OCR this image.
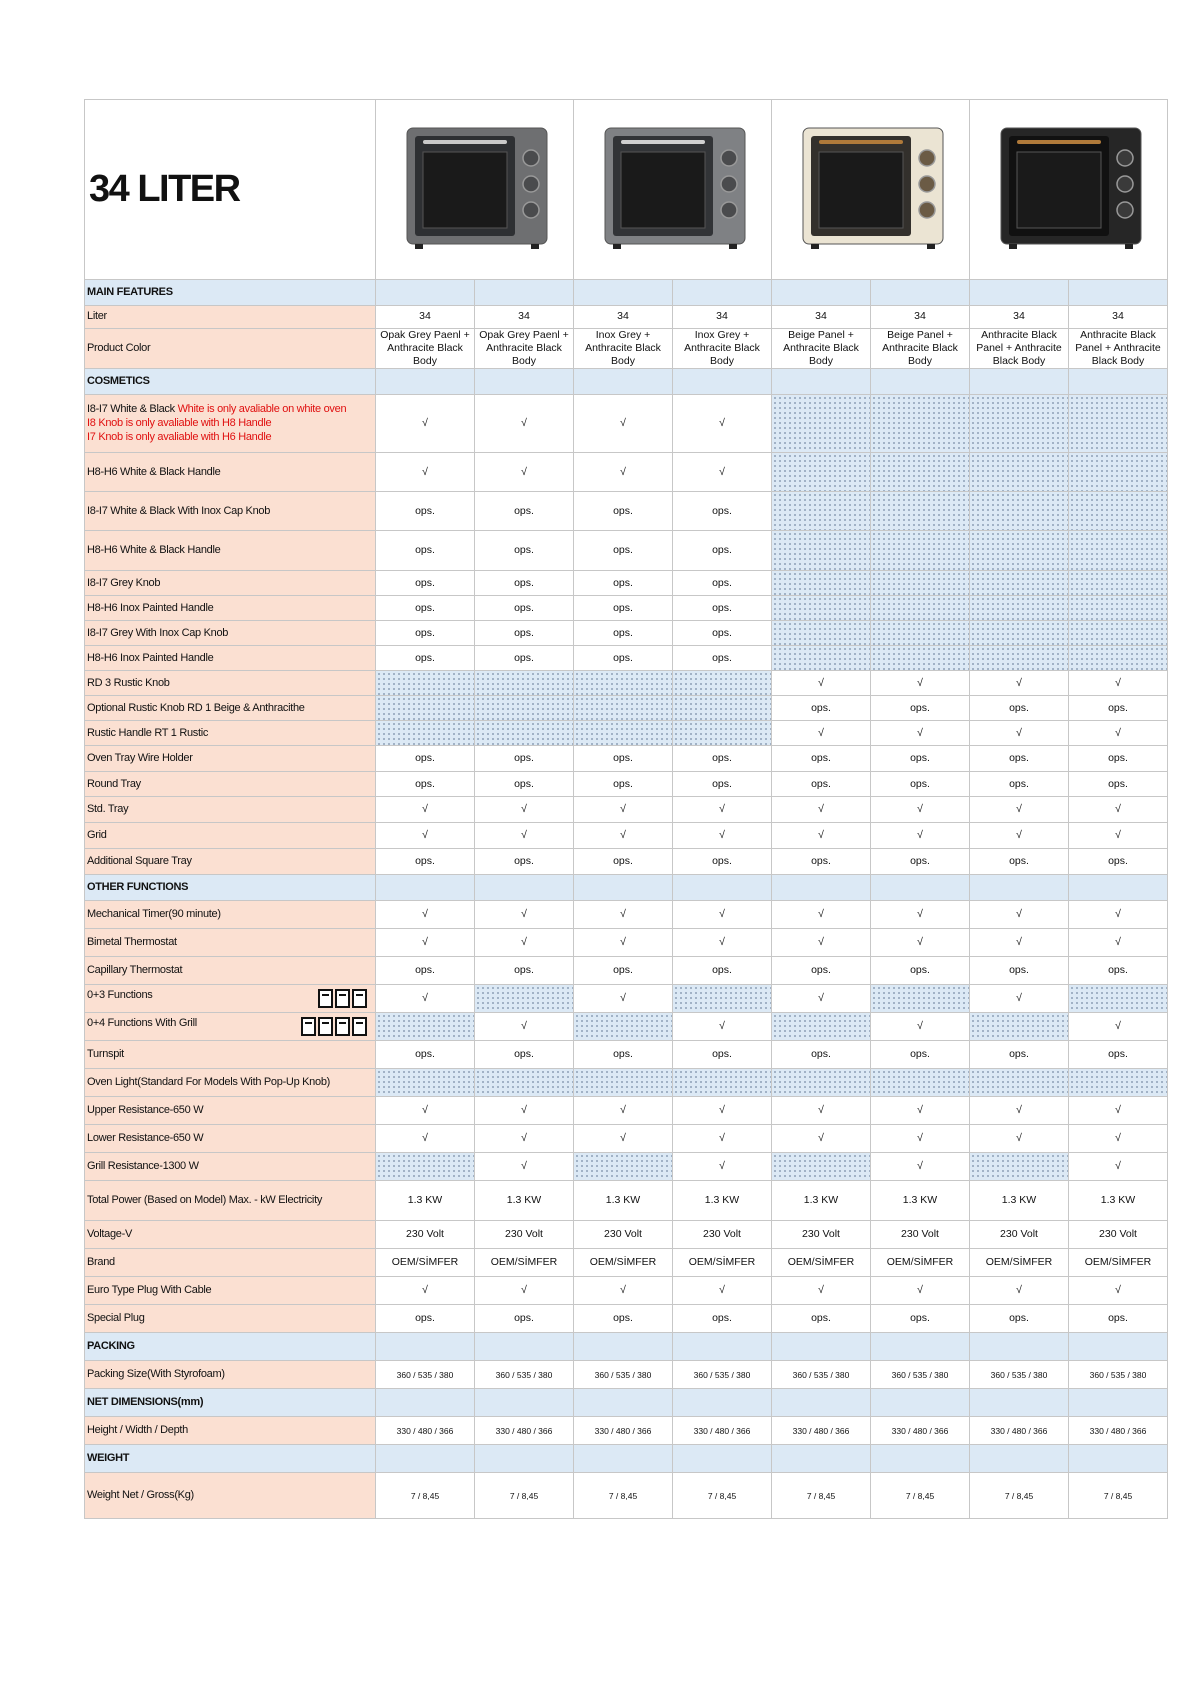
34 LITER				
MAIN FEATURES								
Liter	34	34	34	34	34	34	34	34
Product Color	Opak Grey Paenl + Anthracite Black Body	Opak Grey Paenl + Anthracite Black Body	Inox Grey + Anthracite Black Body	Inox Grey + Anthracite Black Body	Beige Panel + Anthracite Black Body	Beige Panel + Anthracite Black Body	Anthracite Black Panel + Anthracite Black Body	Anthracite Black Panel + Anthracite Black Body
COSMETICS								

I8-I7 White & Black White is only avaliable on white oven
I8 Knob is only avaliable with H8 Handle
I7 Knob is only avaliable with H6 Handle	√	√	√	√				
H8-H6 White & Black Handle	√	√	√	√				
I8-I7 White & Black With Inox Cap Knob	ops.	ops.	ops.	ops.				
H8-H6 White & Black Handle	ops.	ops.	ops.	ops.				
I8-I7 Grey Knob	ops.	ops.	ops.	ops.				
H8-H6 Inox Painted Handle	ops.	ops.	ops.	ops.				
I8-I7 Grey With Inox Cap Knob	ops.	ops.	ops.	ops.				
H8-H6 Inox Painted Handle	ops.	ops.	ops.	ops.				
RD 3 Rustic Knob					√	√	√	√
Optional Rustic Knob RD 1 Beige & Anthracithe					ops.	ops.	ops.	ops.
Rustic Handle RT 1 Rustic					√	√	√	√
Oven Tray Wire Holder	ops.	ops.	ops.	ops.	ops.	ops.	ops.	ops.
Round Tray	ops.	ops.	ops.	ops.	ops.	ops.	ops.	ops.
Std. Tray	√	√	√	√	√	√	√	√
Grid	√	√	√	√	√	√	√	√
Additional Square Tray	ops.	ops.	ops.	ops.	ops.	ops.	ops.	ops.
OTHER FUNCTIONS								
Mechanical Timer(90 minute)	√	√	√	√	√	√	√	√
Bimetal Thermostat	√	√	√	√	√	√	√	√
Capillary Thermostat	ops.	ops.	ops.	ops.	ops.	ops.	ops.	ops.
0+3 Functions	√		√		√		√	
0+4 Functions With Grill		√		√		√		√
Turnspit	ops.	ops.	ops.	ops.	ops.	ops.	ops.	ops.
Oven Light(Standard For Models With Pop-Up Knob)								
Upper Resistance-650 W	√	√	√	√	√	√	√	√
Lower Resistance-650 W	√	√	√	√	√	√	√	√
Grill Resistance-1300 W		√		√		√		√
Total Power (Based on Model) Max. - kW Electricity	1.3 KW	1.3 KW	1.3 KW	1.3 KW	1.3 KW	1.3 KW	1.3 KW	1.3 KW
Voltage-V	230 Volt	230 Volt	230 Volt	230 Volt	230 Volt	230 Volt	230 Volt	230 Volt
Brand	OEM/SİMFER	OEM/SİMFER	OEM/SİMFER	OEM/SİMFER	OEM/SİMFER	OEM/SİMFER	OEM/SİMFER	OEM/SİMFER
Euro Type Plug With Cable	√	√	√	√	√	√	√	√
Special Plug	ops.	ops.	ops.	ops.	ops.	ops.	ops.	ops.
PACKING								
Packing Size(With Styrofoam)	360 / 535 / 380	360 / 535 / 380	360 / 535 / 380	360 / 535 / 380	360 / 535 / 380	360 / 535 / 380	360 / 535 / 380	360 / 535 / 380
NET DIMENSIONS(mm)								
Height / Width / Depth	330 / 480 / 366	330 / 480 / 366	330 / 480 / 366	330 / 480 / 366	330 / 480 / 366	330 / 480 / 366	330 / 480 / 366	330 / 480 / 366
WEIGHT								
Weight Net / Gross(Kg)	7 / 8,45	7 / 8,45	7 / 8,45	7 / 8,45	7 / 8,45	7 / 8,45	7 / 8,45	7 / 8,45
